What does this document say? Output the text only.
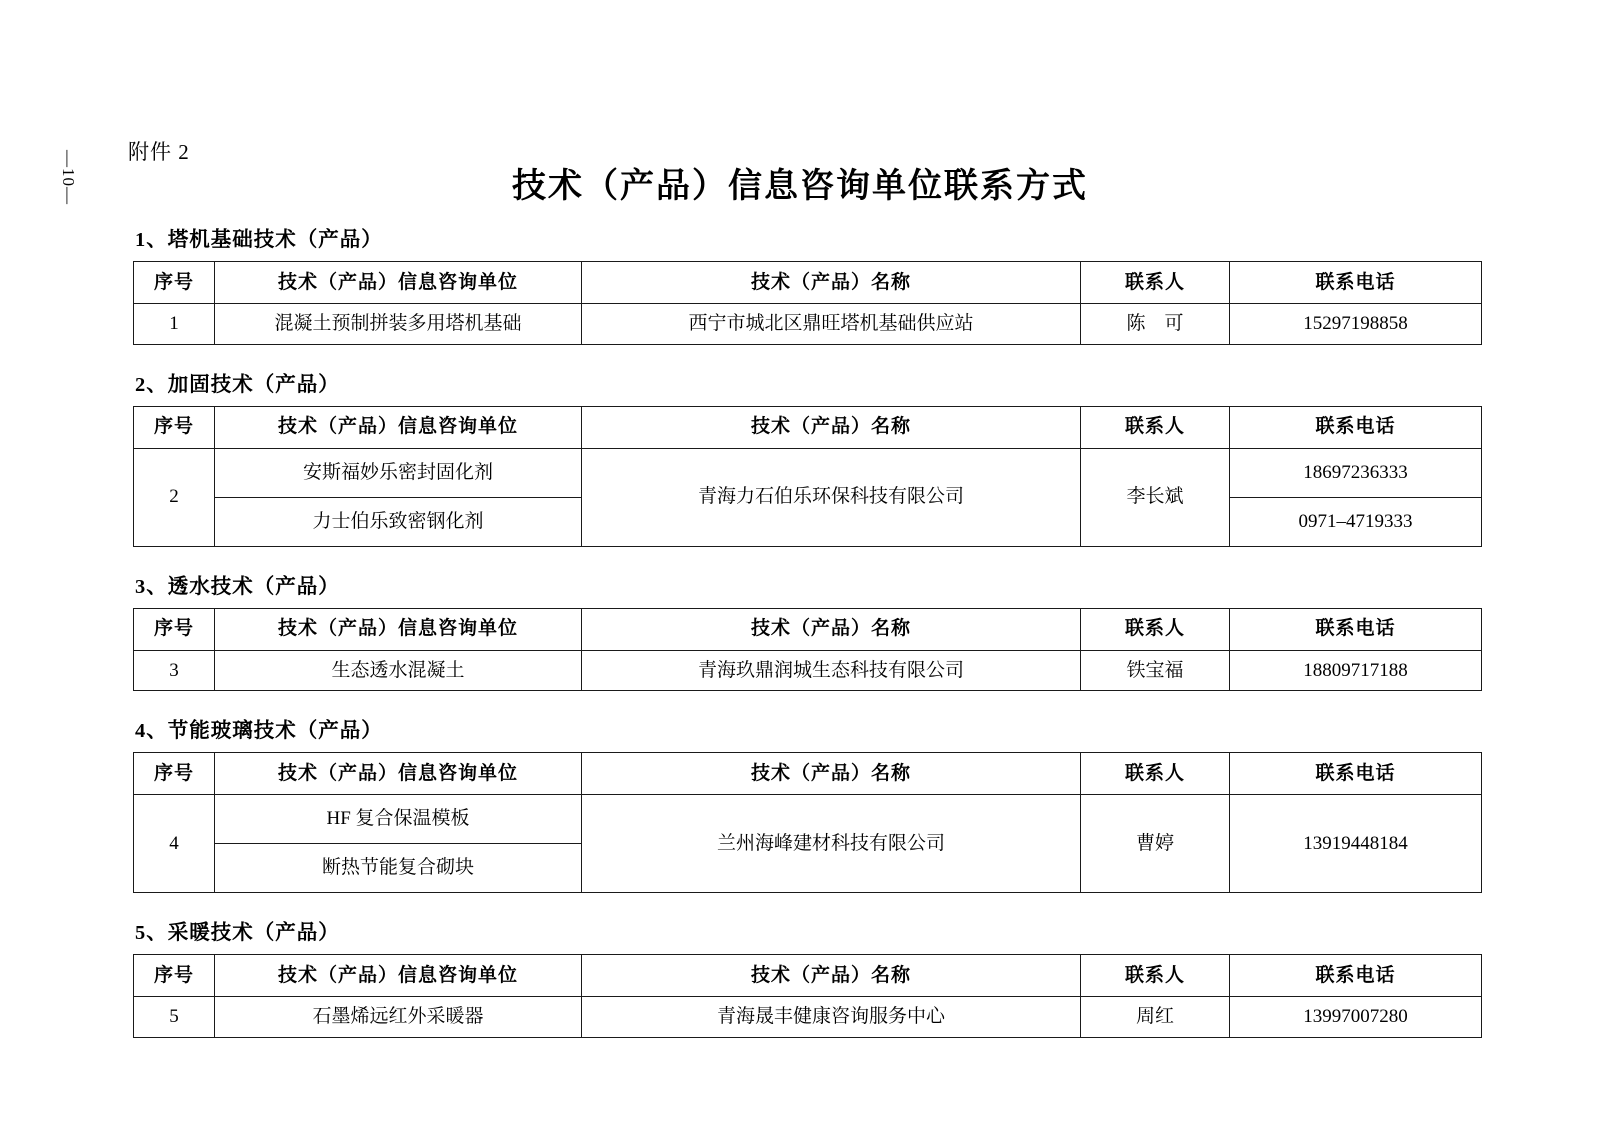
—10— 附件 2
技术（产品）信息咨询单位联系方式
1、塔机基础技术（产品）
序号	技术（产品）信息咨询单位	技术（产品）名称	联系人	联系电话
1	混凝土预制拼装多用塔机基础	西宁市城北区鼎旺塔机基础供应站	陈　可	15297198858
2、加固技术（产品）
序号	技术（产品）信息咨询单位	技术（产品）名称	联系人	联系电话
2	安斯福妙乐密封固化剂	青海力石伯乐环保科技有限公司	李长斌	18697236333
	力士伯乐致密钢化剂			0971–4719333
3、透水技术（产品）
序号	技术（产品）信息咨询单位	技术（产品）名称	联系人	联系电话
3	生态透水混凝土	青海玖鼎润城生态科技有限公司	铁宝福	18809717188
4、节能玻璃技术（产品）
序号	技术（产品）信息咨询单位	技术（产品）名称	联系人	联系电话
4	HF 复合保温模板	兰州海峰建材科技有限公司	曹婷	13919448184
	断热节能复合砌块			
5、采暖技术（产品）
序号	技术（产品）信息咨询单位	技术（产品）名称	联系人	联系电话
5	石墨烯远红外采暖器	青海晟丰健康咨询服务中心	周红	13997007280
